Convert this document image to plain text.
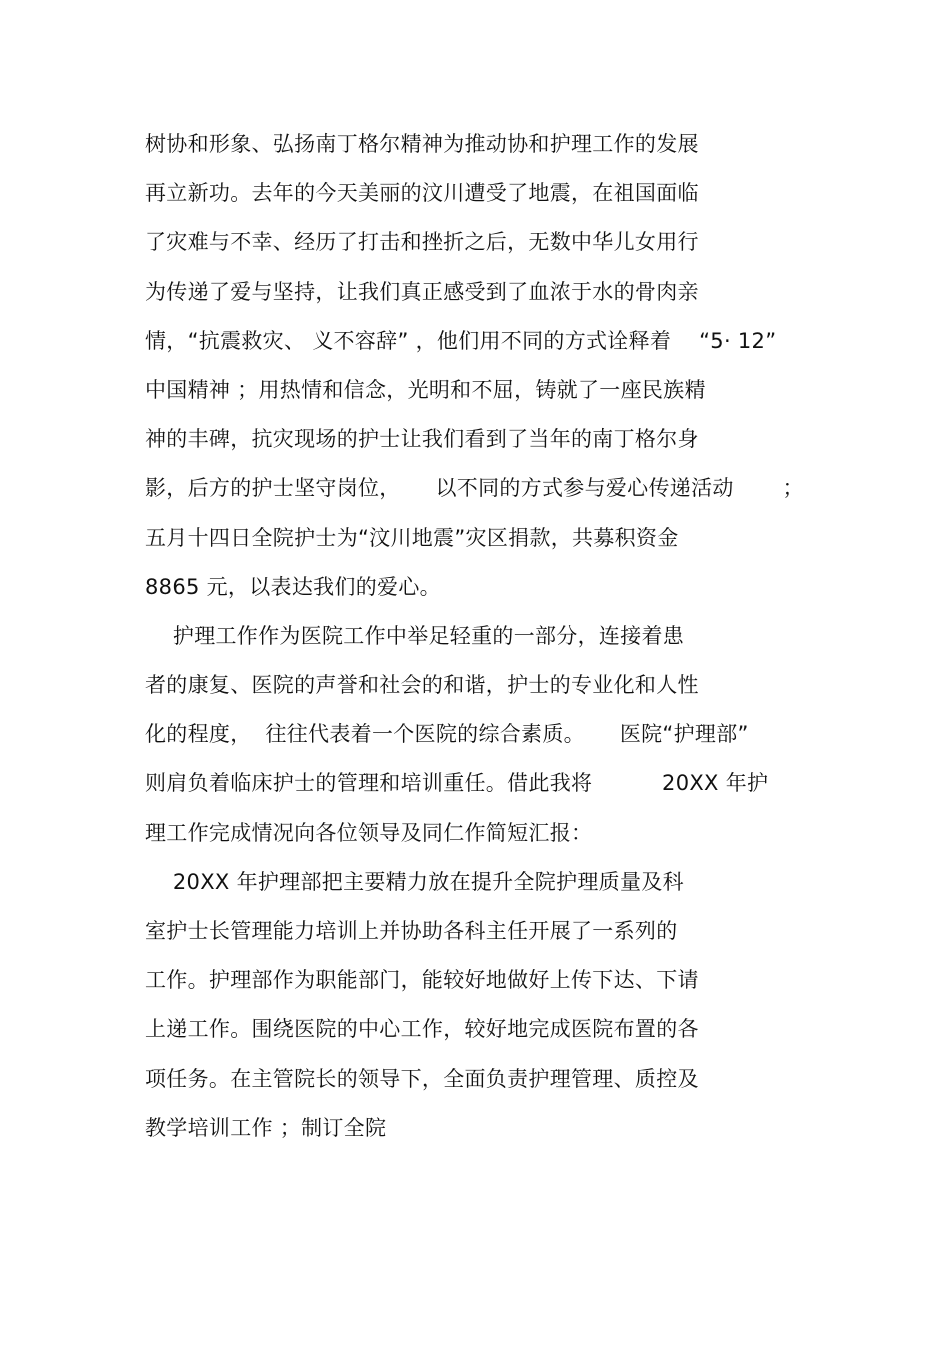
树协和形象、弘扬南丁格尔精神为推动协和护理工作的发展
再立新功。去年的今天美丽的汶川遭受了地震，在祖国面临
了灾难与不幸、经历了打击和挫折之后，无数中华儿女用行
为传递了爱与坚持，让我们真正感受到了血浓于水的骨肉亲
情，“抗震救灾、 义不容辞” ，他们用不同的方式诠释着    “5· 12”
中国精神 ；用热情和信念，光明和不屈，铸就了一座民族精
神的丰碑，抗灾现场的护士让我们看到了当年的南丁格尔身
影，后方的护士坚守岗位，     以不同的方式参与爱心传递活动       ；
五月十四日全院护士为“汶川地震”灾区捐款，共募积资金
8865 元，以表达我们的爱心。
护理工作作为医院工作中举足轻重的一部分，连接着患
者的康复、医院的声誉和社会的和谐，护士的专业化和人性
化的程度，  往往代表着一个医院的综合素质。     医院“护理部”
则肩负着临床护士的管理和培训重任。借此我将          20XX 年护
理工作完成情况向各位领导及同仁作简短汇报：
20XX 年护理部把主要精力放在提升全院护理质量及科
室护士长管理能力培训上并协助各科主任开展了一系列的
工作。护理部作为职能部门，能较好地做好上传下达、下请
上递工作。围绕医院的中心工作，较好地完成医院布置的各
项任务。在主管院长的领导下，全面负责护理管理、质控及
教学培训工作 ；制订全院
